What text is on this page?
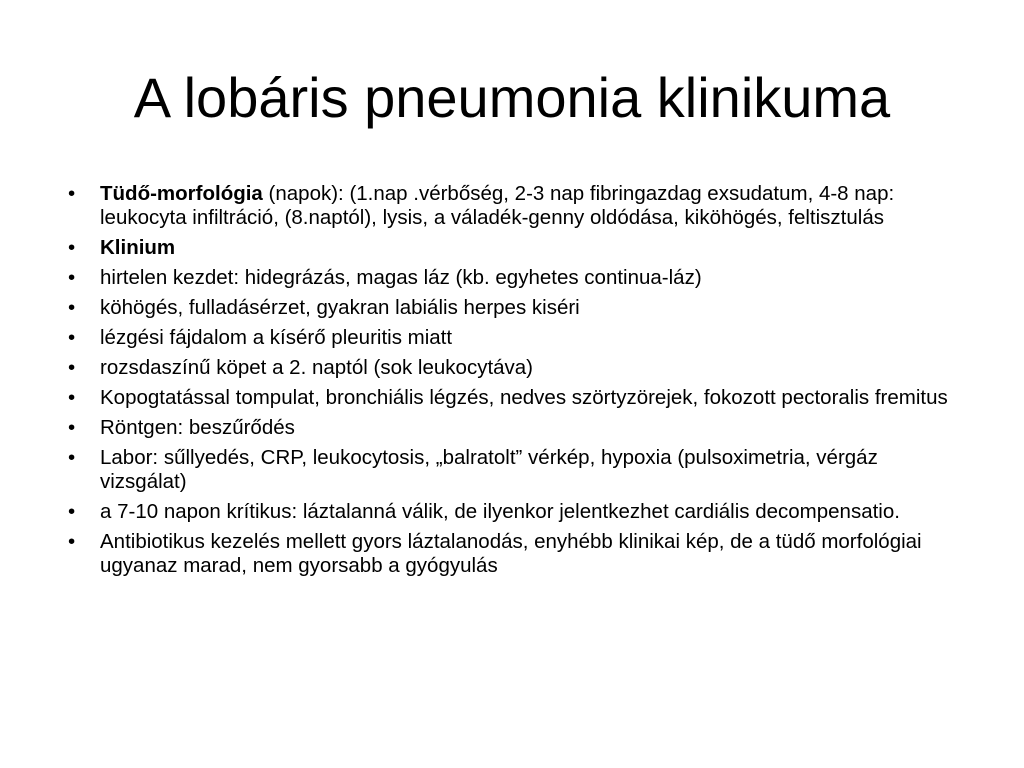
A lobáris pneumonia klinikuma
• Tüdő-morfológia (napok): (1.nap .vérbőség, 2-3 nap fibringazdag exsudatum, 4-8 nap: leukocyta infiltráció, (8.naptól), lysis, a váladék-genny oldódása, kiköhögés, feltisztulás
• Klinium
• hirtelen kezdet: hidegrázás, magas láz (kb. egyhetes continua-láz)
• köhögés, fulladásérzet, gyakran labiális herpes kiséri
• lézgési fájdalom a kísérő pleuritis miatt
• rozsdaszínű köpet a 2. naptól (sok leukocytáva)
• Kopogtatással tompulat, bronchiális légzés, nedves szörtyzörejek, fokozott pectoralis fremitus
• Röntgen: beszűrődés
• Labor: sűllyedés, CRP, leukocytosis, „balratolt” vérkép, hypoxia (pulsoximetria, vérgáz vizsgálat)
• a 7-10 napon krítikus: láztalanná válik, de ilyenkor jelentkezhet cardiális decompensatio.
• Antibiotikus kezelés mellett gyors láztalanodás, enyhébb klinikai kép, de a tüdő morfológiai ugyanaz marad, nem gyorsabb a gyógyulás
